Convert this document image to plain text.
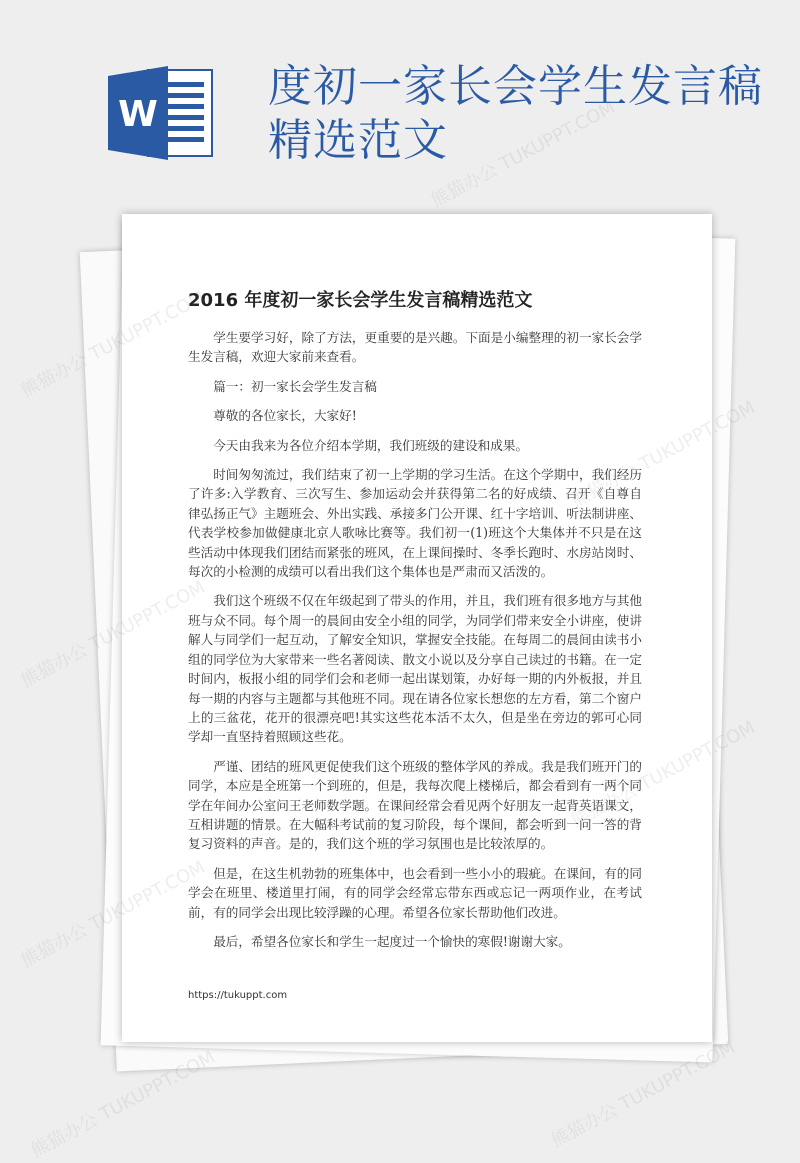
W
度初一家长会学生发言稿精选范文
2016 年度初一家长会学生发言稿精选范文

学生要学习好，除了方法，更重要的是兴趣。下面是小编整理的初一家长会学生发言稿，欢迎大家前来查看。

篇一：初一家长会学生发言稿

尊敬的各位家长，大家好!

今天由我来为各位介绍本学期，我们班级的建设和成果。

时间匆匆流过，我们结束了初一上学期的学习生活。在这个学期中，我们经历了许多:入学教育、三次写生、参加运动会并获得第二名的好成绩、召开《自尊自律弘扬正气》主题班会、外出实践、承接多门公开课、红十字培训、听法制讲座、代表学校参加做健康北京人歌咏比赛等。我们初一(1)班这个大集体并不只是在这些活动中体现我们团结而紧张的班风，在上课间操时、冬季长跑时、水房站岗时、每次的小检测的成绩可以看出我们这个集体也是严肃而又活泼的。

我们这个班级不仅在年级起到了带头的作用，并且，我们班有很多地方与其他班与众不同。每个周一的晨间由安全小组的同学，为同学们带来安全小讲座，使讲解人与同学们一起互动，了解安全知识，掌握安全技能。在每周二的晨间由读书小组的同学位为大家带来一些名著阅读、散文小说以及分享自己读过的书籍。在一定时间内，板报小组的同学们会和老师一起出谋划策，办好每一期的内外板报，并且每一期的内容与主题都与其他班不同。现在请各位家长想您的左方看，第二个窗户上的三盆花，花开的很漂亮吧!其实这些花本活不太久，但是坐在旁边的郭可心同学却一直坚持着照顾这些花。

严谨、团结的班风更促使我们这个班级的整体学风的养成。我是我们班开门的同学，本应是全班第一个到班的，但是，我每次爬上楼梯后，都会看到有一两个同学在年间办公室问王老师数学题。在课间经常会看见两个好朋友一起背英语课文，互相讲题的情景。在大幅科考试前的复习阶段，每个课间，都会听到一问一答的背复习资料的声音。是的，我们这个班的学习氛围也是比较浓厚的。

但是，在这生机勃勃的班集体中，也会看到一些小小的瑕疵。在课间，有的同学会在班里、楼道里打闹，有的同学会经常忘带东西或忘记一两项作业，在考试前，有的同学会出现比较浮躁的心理。希望各位家长帮助他们改进。

最后，希望各位家长和学生一起度过一个愉快的寒假!谢谢大家。

https://tukuppt.com
熊猫办公 TUKUPPT.COM
熊猫办公
熊猫办公
熊猫办公
熊猫办公 TUKUPPT.COM	熊猫办公 TUKUPPT.COM
